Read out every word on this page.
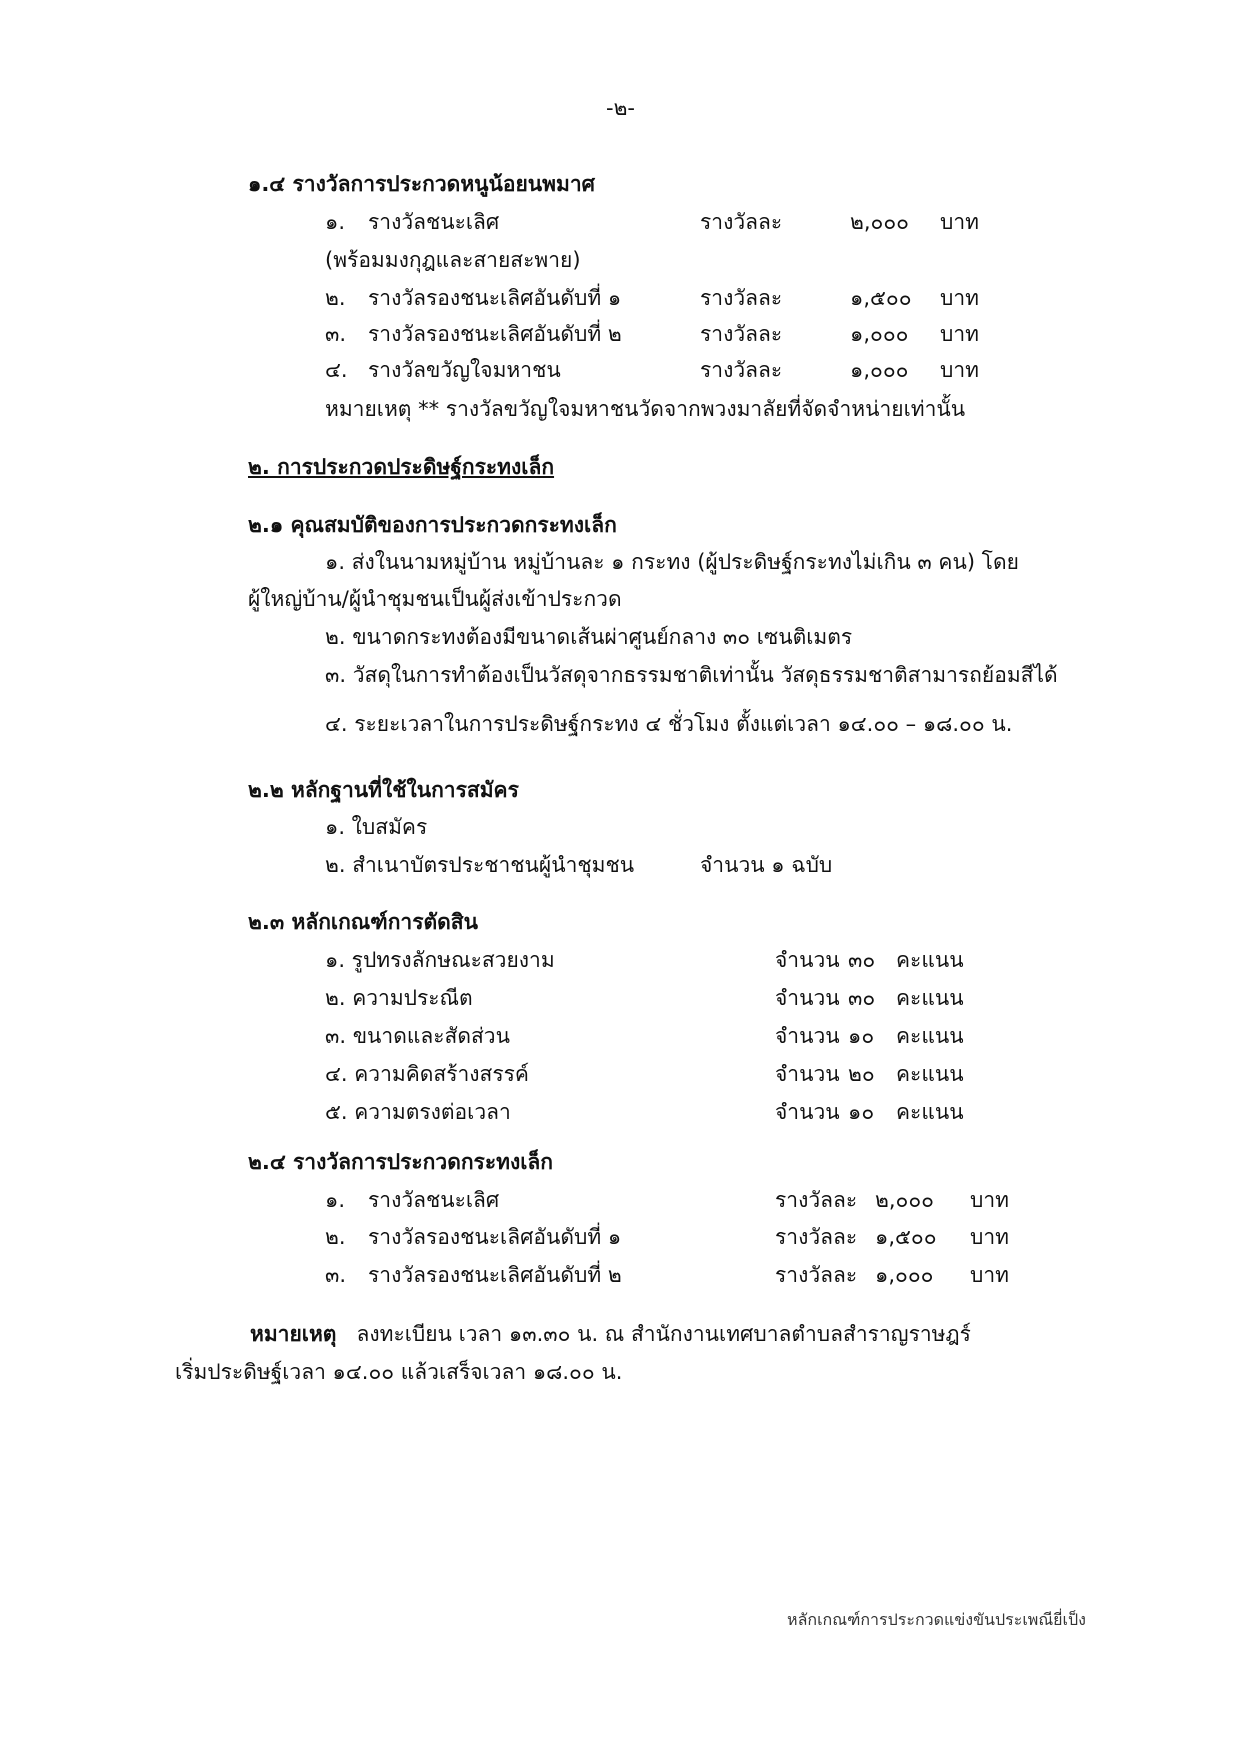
-๒-
๑.๔ รางวัลการประกวดหนูน้อยนพมาศ
๑. รางวัลชนะเลิศ	รางวัลละ	๒,๐๐๐ บาท
(พร้อมมงกุฎและสายสะพาย)
๒. รางวัลรองชนะเลิศอันดับที่ ๑	รางวัลละ	๑,๕๐๐ บาท
๓. รางวัลรองชนะเลิศอันดับที่ ๒	รางวัลละ	๑,๐๐๐ บาท
๔. รางวัลขวัญใจมหาชน	รางวัลละ	๑,๐๐๐ บาท
หมายเหตุ ** รางวัลขวัญใจมหาชนวัดจากพวงมาลัยที่จัดจำหน่ายเท่านั้น
๒. การประกวดประดิษฐ์กระทงเล็ก
๒.๑ คุณสมบัติของการประกวดกระทงเล็ก
๑. ส่งในนามหมู่บ้าน หมู่บ้านละ ๑ กระทง (ผู้ประดิษฐ์กระทงไม่เกิน ๓ คน) โดย
ผู้ใหญ่บ้าน/ผู้นำชุมชนเป็นผู้ส่งเข้าประกวด
๒. ขนาดกระทงต้องมีขนาดเส้นผ่าศูนย์กลาง ๓๐ เซนติเมตร
๓. วัสดุในการทำต้องเป็นวัสดุจากธรรมชาติเท่านั้น วัสดุธรรมชาติสามารถย้อมสีได้
๔. ระยะเวลาในการประดิษฐ์กระทง ๔ ชั่วโมง ตั้งแต่เวลา ๑๔.๐๐ – ๑๘.๐๐ น.
๒.๒ หลักฐานที่ใช้ในการสมัคร
๑. ใบสมัคร
๒. สำเนาบัตรประชาชนผู้นำชุมชน	จำนวน ๑ ฉบับ
๒.๓ หลักเกณฑ์การตัดสิน
๑. รูปทรงลักษณะสวยงาม	จำนวน ๓๐ คะแนน
๒. ความประณีต	จำนวน ๓๐ คะแนน
๓. ขนาดและสัดส่วน	จำนวน ๑๐ คะแนน
๔. ความคิดสร้างสรรค์	จำนวน ๒๐ คะแนน
๕. ความตรงต่อเวลา	จำนวน ๑๐ คะแนน
๒.๔ รางวัลการประกวดกระทงเล็ก
๑. รางวัลชนะเลิศ	รางวัลละ ๒,๐๐๐ บาท
๒. รางวัลรองชนะเลิศอันดับที่ ๑	รางวัลละ ๑,๕๐๐ บาท
๓. รางวัลรองชนะเลิศอันดับที่ ๒	รางวัลละ ๑,๐๐๐ บาท
หมายเหตุ ลงทะเบียน เวลา ๑๓.๓๐ น. ณ สำนักงานเทศบาลตำบลสำราญราษฎร์
เริ่มประดิษฐ์เวลา ๑๔.๐๐ แล้วเสร็จเวลา ๑๘.๐๐ น.
หลักเกณฑ์การประกวดแข่งขันประเพณียี่เป็ง
